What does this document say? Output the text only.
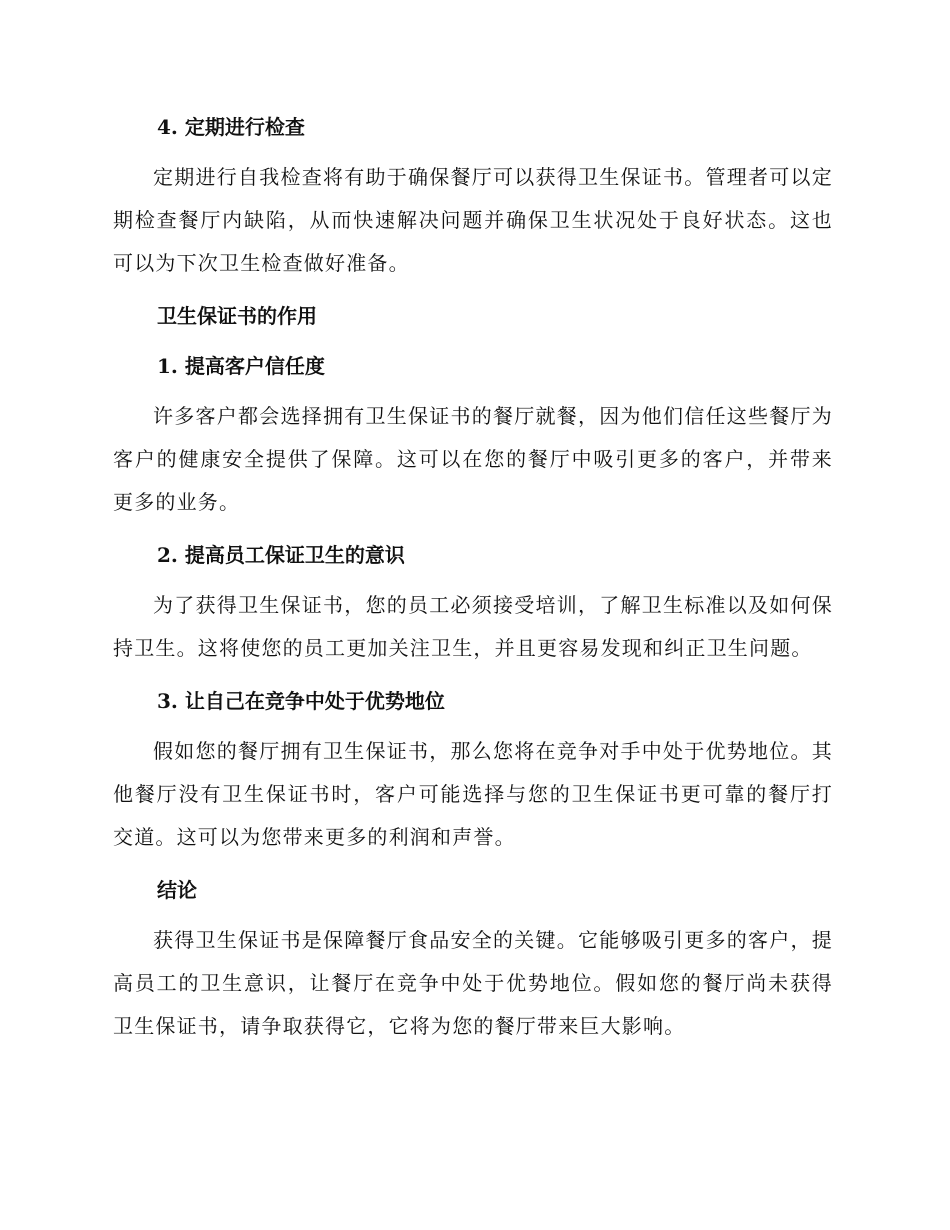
4. 定期进行检查

定期进行自我检查将有助于确保餐厅可以获得卫生保证书。管理者可以定期检查餐厅内缺陷，从而快速解决问题并确保卫生状况处于良好状态。这也可以为下次卫生检查做好准备。

卫生保证书的作用
1. 提高客户信任度

许多客户都会选择拥有卫生保证书的餐厅就餐，因为他们信任这些餐厅为客户的健康安全提供了保障。这可以在您的餐厅中吸引更多的客户，并带来更多的业务。

2. 提高员工保证卫生的意识

为了获得卫生保证书，您的员工必须接受培训，了解卫生标准以及如何保持卫生。这将使您的员工更加关注卫生，并且更容易发现和纠正卫生问题。

3. 让自己在竞争中处于优势地位

假如您的餐厅拥有卫生保证书，那么您将在竞争对手中处于优势地位。其他餐厅没有卫生保证书时，客户可能选择与您的卫生保证书更可靠的餐厅打交道。这可以为您带来更多的利润和声誉。

结论

获得卫生保证书是保障餐厅食品安全的关键。它能够吸引更多的客户，提高员工的卫生意识，让餐厅在竞争中处于优势地位。假如您的餐厅尚未获得卫生保证书，请争取获得它，它将为您的餐厅带来巨大影响。
